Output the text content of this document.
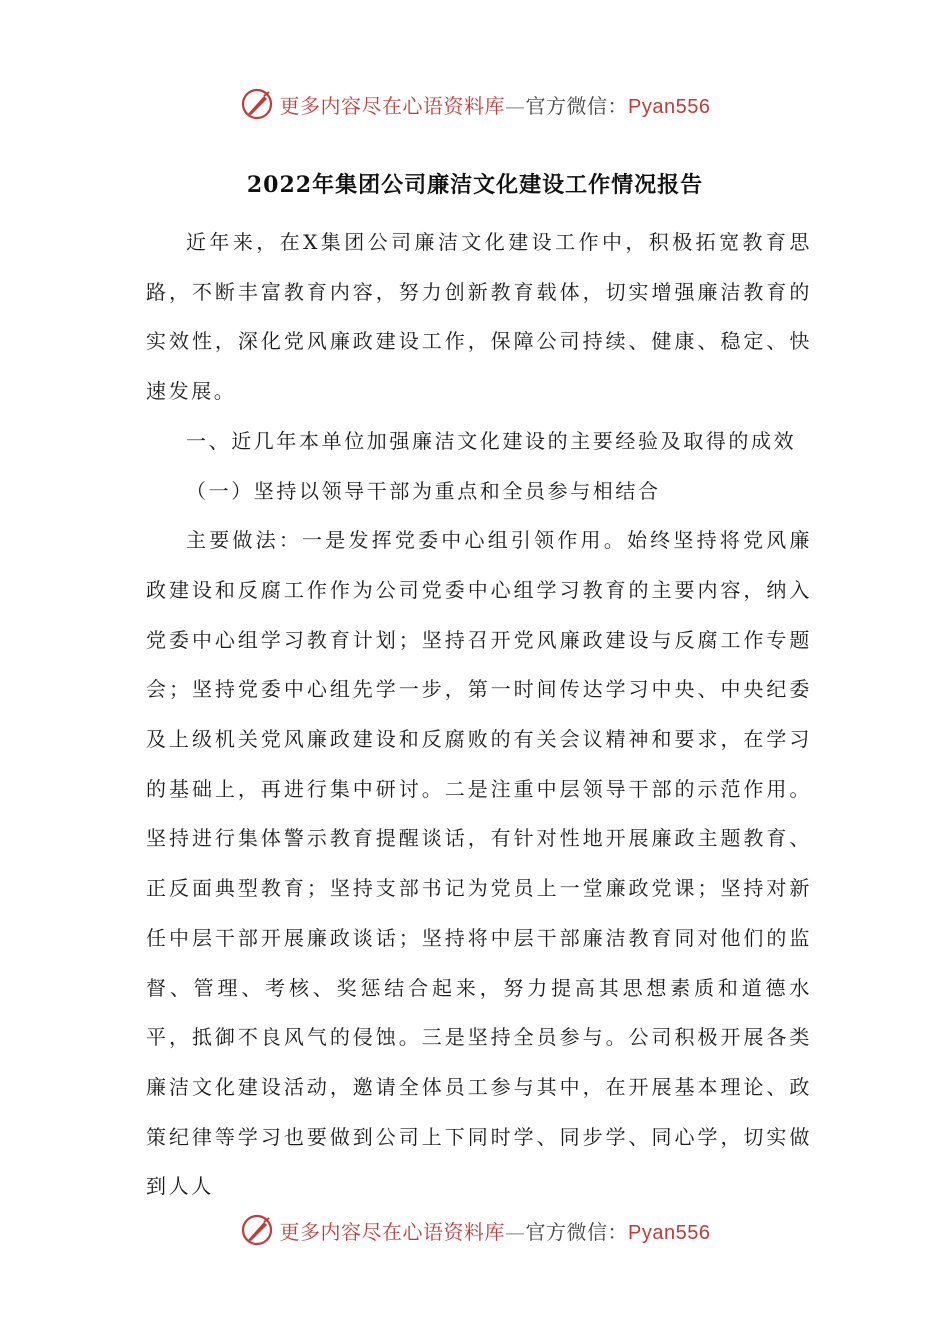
更多内容尽在心语资料库—官方微信：Pyan556
2022年集团公司廉洁文化建设工作情况报告

近年来，在X集团公司廉洁文化建设工作中，积极拓宽教育思路，不断丰富教育内容，努力创新教育载体，切实增强廉洁教育的实效性，深化党风廉政建设工作，保障公司持续、健康、稳定、快速发展。

一、近几年本单位加强廉洁文化建设的主要经验及取得的成效

（一）坚持以领导干部为重点和全员参与相结合

主要做法：一是发挥党委中心组引领作用。始终坚持将党风廉政建设和反腐工作作为公司党委中心组学习教育的主要内容，纳入党委中心组学习教育计划；坚持召开党风廉政建设与反腐工作专题会；坚持党委中心组先学一步，第一时间传达学习中央、中央纪委及上级机关党风廉政建设和反腐败的有关会议精神和要求，在学习的基础上，再进行集中研讨。二是注重中层领导干部的示范作用。坚持进行集体警示教育提醒谈话，有针对性地开展廉政主题教育、正反面典型教育；坚持支部书记为党员上一堂廉政党课；坚持对新任中层干部开展廉政谈话；坚持将中层干部廉洁教育同对他们的监督、管理、考核、奖惩结合起来，努力提高其思想素质和道德水平，抵御不良风气的侵蚀。三是坚持全员参与。公司积极开展各类廉洁文化建设活动，邀请全体员工参与其中，在开展基本理论、政策纪律等学习也要做到公司上下同时学、同步学、同心学，切实做到人人

更多内容尽在心语资料库—官方微信：Pyan556
